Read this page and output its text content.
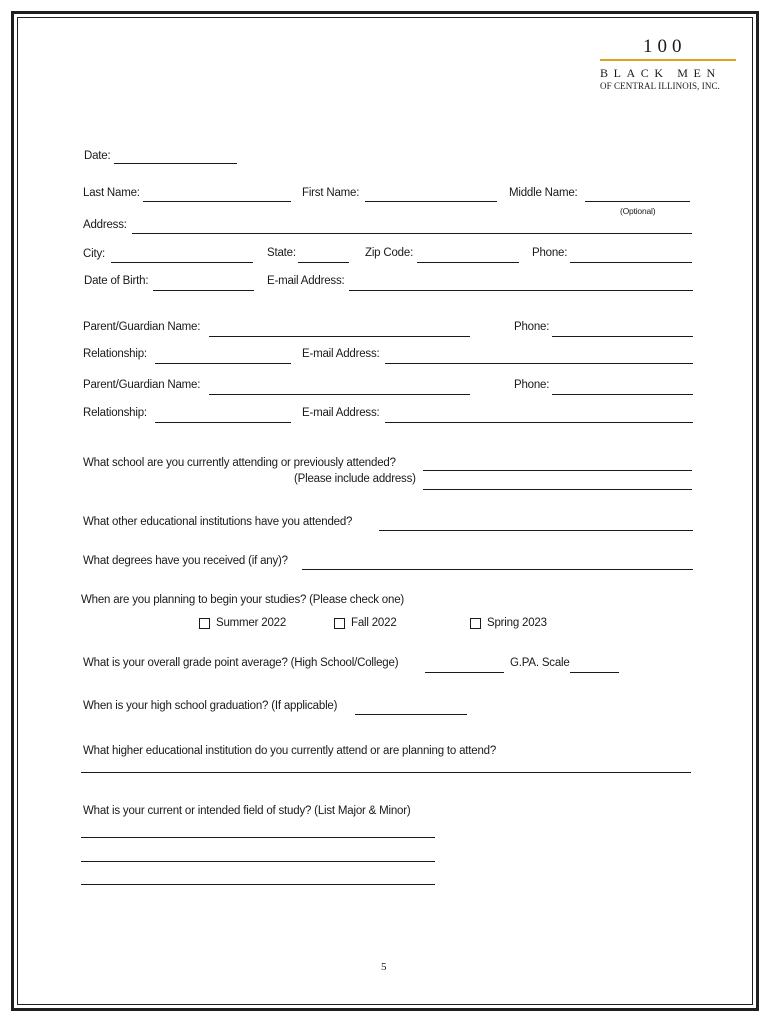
100
BLACK MEN
OF CENTRAL ILLINOIS, INC.
Date:
Last Name:	First Name:	Middle Name:
(Optional)
Address:
City:	State:	Zip Code:	Phone:
Date of Birth:	E-mail Address:
Parent/Guardian Name:	Phone:
Relationship:	E-mail Address:
Parent/Guardian Name:	Phone:
Relationship:	E-mail Address:
What school are you currently attending or previously attended?
(Please include address)
What other educational institutions have you attended?
What degrees have you received (if any)?
When are you planning to begin your studies? (Please check one)
Summer 2022	Fall 2022	Spring 2023
What is your overall grade point average? (High School/College)	G.PA. Scale
When is your high school graduation? (If applicable)
What higher educational institution do you currently attend or are planning to attend?
What is your current or intended field of study? (List Major & Minor)
5
